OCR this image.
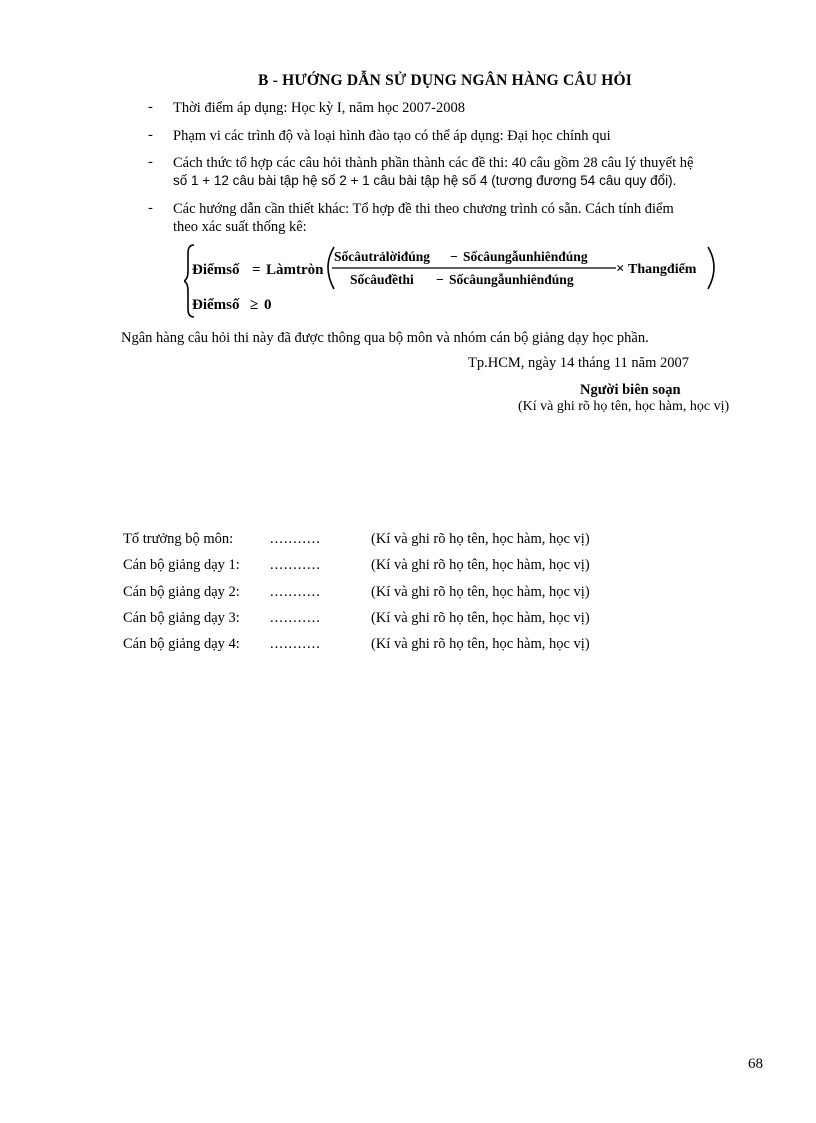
B - HƯỚNG DẪN SỬ DỤNG NGÂN HÀNG CÂU HỎI
- Thời điểm áp dụng: Học kỳ I, năm học 2007-2008
- Phạm vi các trình độ và loại hình đào tạo có thể áp dụng: Đại học chính qui
- Cách thức tổ hợp các câu hỏi thành phần thành các đề thi: 40 câu gồm 28 câu lý thuyết hệ
số 1 + 12 câu bài tập hệ số 2 + 1 câu bài tập hệ số 4 (tương đương 54 câu quy đổi).
- Các hướng dẫn cần thiết khác: Tổ hợp đề thi theo chương trình có sẵn. Cách tính điểm
theo xác suất thống kê:
Điểmsố = Làmtròn
Sốcâutrảlờiđúng − Sốcâungẫunhiênđúng
Sốcâuđềthi − Sốcâungẫunhiênđúng
× Thangđiểm
Điểmsố ≥ 0
Ngân hàng câu hỏi thi này đã được thông qua bộ môn và nhóm cán bộ giảng dạy học phần.
Tp.HCM, ngày 14 tháng 11 năm 2007
Người biên soạn
(Kí và ghi rõ họ tên, học hàm, học vị)
Tổ trưởng bộ môn:	...........	(Kí và ghi rõ họ tên, học hàm, học vị)
Cán bộ giảng dạy 1: ...........	(Kí và ghi rõ họ tên, học hàm, học vị)
Cán bộ giảng dạy 2: ...........	(Kí và ghi rõ họ tên, học hàm, học vị)
Cán bộ giảng dạy 3: ...........	(Kí và ghi rõ họ tên, học hàm, học vị)
Cán bộ giảng dạy 4: ...........	(Kí và ghi rõ họ tên, học hàm, học vị)
68
